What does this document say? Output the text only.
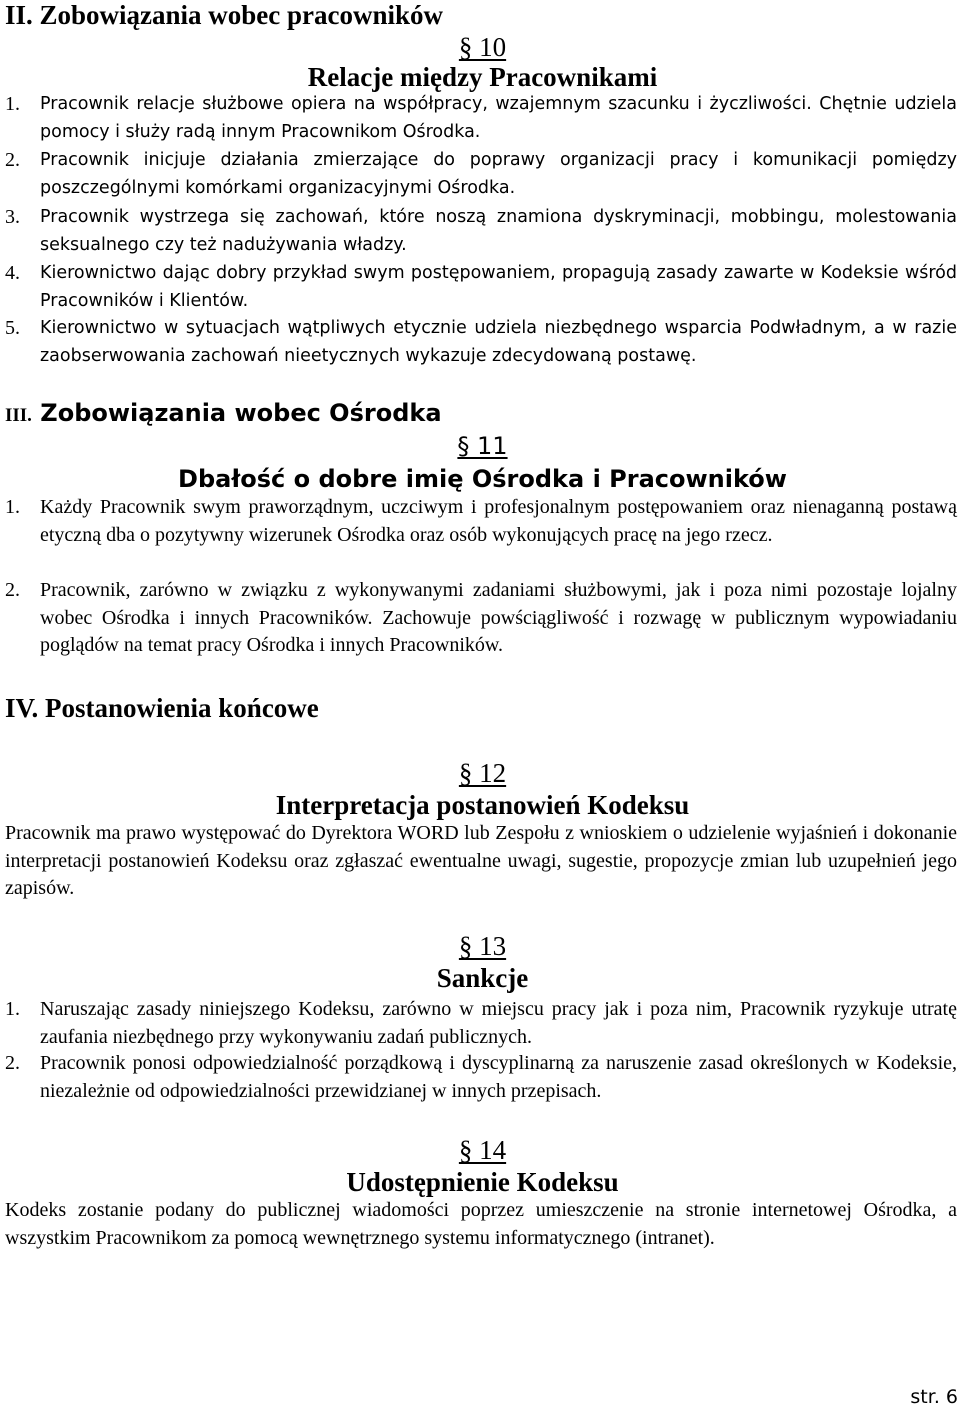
II. Zobowiązania wobec pracowników
§ 10
Relacje między Pracownikami
1.	Pracownik relacje służbowe opiera na współpracy, wzajemnym szacunku i życzliwości. Chętnie udziela pomocy i służy radą innym Pracownikom Ośrodka.
2.	Pracownik inicjuje działania zmierzające do poprawy organizacji pracy i komunikacji pomiędzy poszczególnymi komórkami organizacyjnymi Ośrodka.
3.	Pracownik wystrzega się zachowań, które noszą znamiona dyskryminacji, mobbingu, molestowania seksualnego czy też nadużywania władzy.
4.	Kierownictwo dając dobry przykład swym postępowaniem, propagują zasady zawarte w Kodeksie wśród Pracowników i Klientów.
5.	Kierownictwo w sytuacjach wątpliwych etycznie udziela niezbędnego wsparcia Podwładnym, a w razie zaobserwowania zachowań nieetycznych wykazuje zdecydowaną postawę.
III. Zobowiązania wobec Ośrodka
§ 11
Dbałość o dobre imię Ośrodka i Pracowników
1.	Każdy Pracownik swym praworządnym, uczciwym i profesjonalnym postępowaniem oraz nienaganną postawą etyczną dba o pozytywny wizerunek Ośrodka oraz osób wykonujących pracę na jego rzecz.
2.	Pracownik, zarówno w związku z wykonywanymi zadaniami służbowymi, jak i poza nimi pozostaje lojalny wobec Ośrodka i innych Pracowników. Zachowuje powściągliwość i rozwagę w publicznym wypowiadaniu poglądów na temat pracy Ośrodka i innych Pracowników.
IV. Postanowienia końcowe
§ 12
Interpretacja postanowień Kodeksu
Pracownik ma prawo występować do Dyrektora WORD lub Zespołu z wnioskiem o udzielenie wyjaśnień i dokonanie interpretacji postanowień Kodeksu oraz zgłaszać ewentualne uwagi, sugestie, propozycje zmian lub uzupełnień jego zapisów.
§ 13
Sankcje
1.	Naruszając zasady niniejszego Kodeksu, zarówno w miejscu pracy jak i poza nim, Pracownik ryzykuje utratę zaufania niezbędnego przy wykonywaniu zadań publicznych.
2.	Pracownik ponosi odpowiedzialność porządkową i dyscyplinarną za naruszenie zasad określonych w Kodeksie, niezależnie od odpowiedzialności przewidzianej w innych przepisach.
§ 14
Udostępnienie Kodeksu
Kodeks zostanie podany do publicznej wiadomości poprzez umieszczenie na stronie internetowej Ośrodka, a wszystkim Pracownikom za pomocą wewnętrznego systemu informatycznego (intranet).
str. 6
